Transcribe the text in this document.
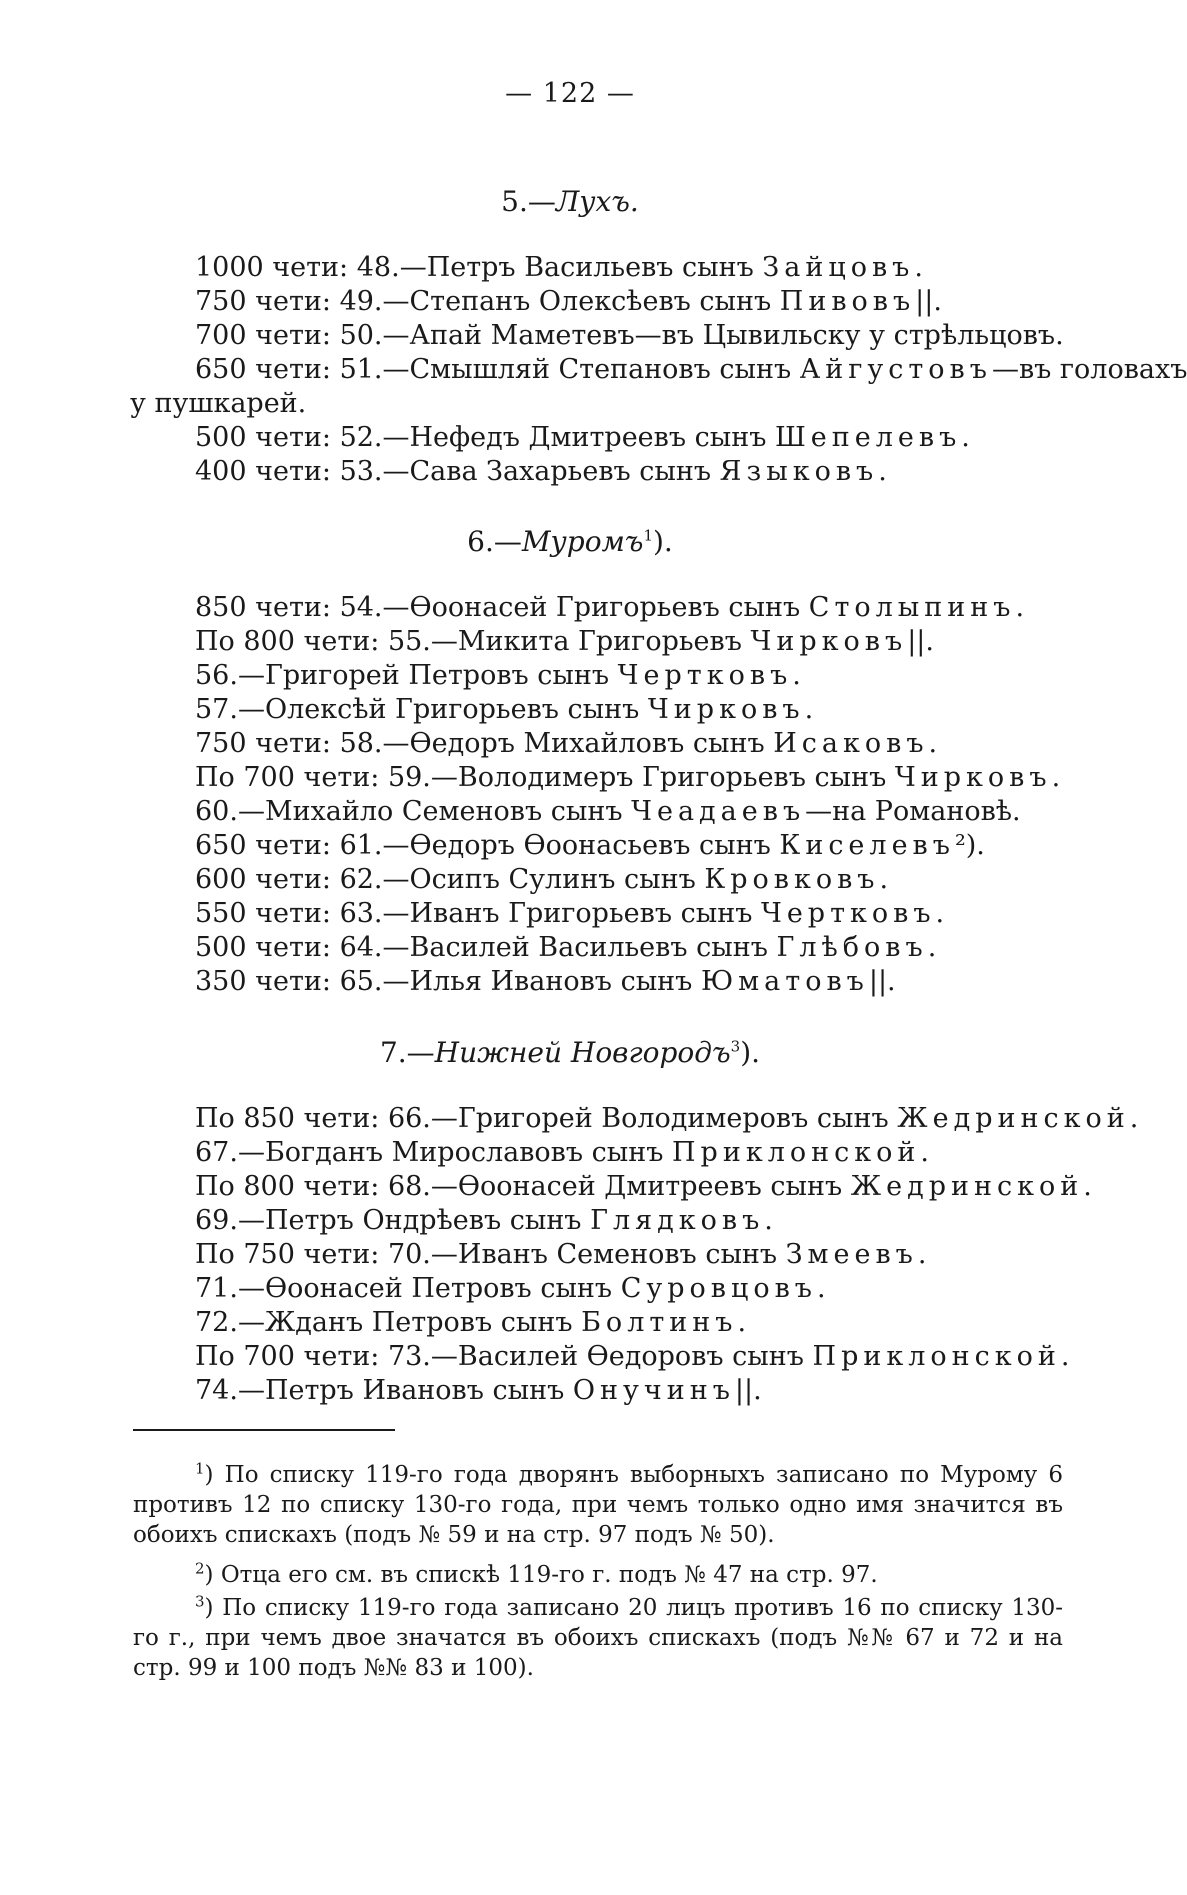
— 122 —
5.—Лухъ.
1000 чети: 48.—Петръ Васильевъ сынъ Зайцовъ.
750 чети: 49.—Степанъ Олексѣевъ сынъ Пивовъ||.
700 чети: 50.—Апай Маметевъ—въ Цывильску у стрѣльцовъ.
650 чети: 51.—Смышляй Степановъ сынъ Айгустовъ—въ головахъ
у пушкарей.
500 чети: 52.—Нефедъ Дмитреевъ сынъ Шепелевъ.
400 чети: 53.—Сава Захарьевъ сынъ Языковъ.
6.—Муромъ$^1$).
850 чети: 54.—Ѳоонасей Григорьевъ сынъ Столыпинъ.
По 800 чети: 55.—Микита Григорьевъ Чирковъ||.
56.—Григорей Петровъ сынъ Чертковъ.
57.—Олексѣй Григорьевъ сынъ Чирковъ.
750 чети: 58.—Ѳедоръ Михайловъ сынъ Исаковъ.
По 700 чети: 59.—Володимеръ Григорьевъ сынъ Чирковъ.
60.—Михайло Семеновъ сынъ Чеадаевъ—на Романовѣ.
650 чети: 61.—Ѳедоръ Ѳоонасьевъ сынъ Киселевъ²).
600 чети: 62.—Осипъ Сулинъ сынъ Кровковъ.
550 чети: 63.—Иванъ Григорьевъ сынъ Чертковъ.
500 чети: 64.—Василей Васильевъ сынъ Глѣбовъ.
350 чети: 65.—Илья Ивановъ сынъ Юматовъ||.
7.—Нижней Новгородъ$^3$).
По 850 чети: 66.—Григорей Володимеровъ сынъ Жедринской.
67.—Богданъ Мирославовъ сынъ Приклонской.
По 800 чети: 68.—Ѳоонасей Дмитреевъ сынъ Жедринской.
69.—Петръ Ондрѣевъ сынъ Глядковъ.
По 750 чети: 70.—Иванъ Семеновъ сынъ Змеевъ.
71.—Ѳоонасей Петровъ сынъ Суровцовъ.
72.—Жданъ Петровъ сынъ Болтинъ.
По 700 чети: 73.—Василей Ѳедоровъ сынъ Приклонской.
74.—Петръ Ивановъ сынъ Онучинъ||.
$^1$) По списку 119-го года дворянъ выборныхъ записано по Мурому 6 противъ 12 по списку 130-го года, при чемъ только одно имя значится въ обоихъ спискахъ (подъ № 59 и на стр. 97 подъ № 50).
$^2$) Отца его см. въ спискѣ 119-го г. подъ № 47 на стр. 97.
$^3$) По списку 119-го года записано 20 лицъ противъ 16 по списку 130-го г., при чемъ двое значатся въ обоихъ спискахъ (подъ №№ 67 и 72 и на стр. 99 и 100 подъ №№ 83 и 100).
